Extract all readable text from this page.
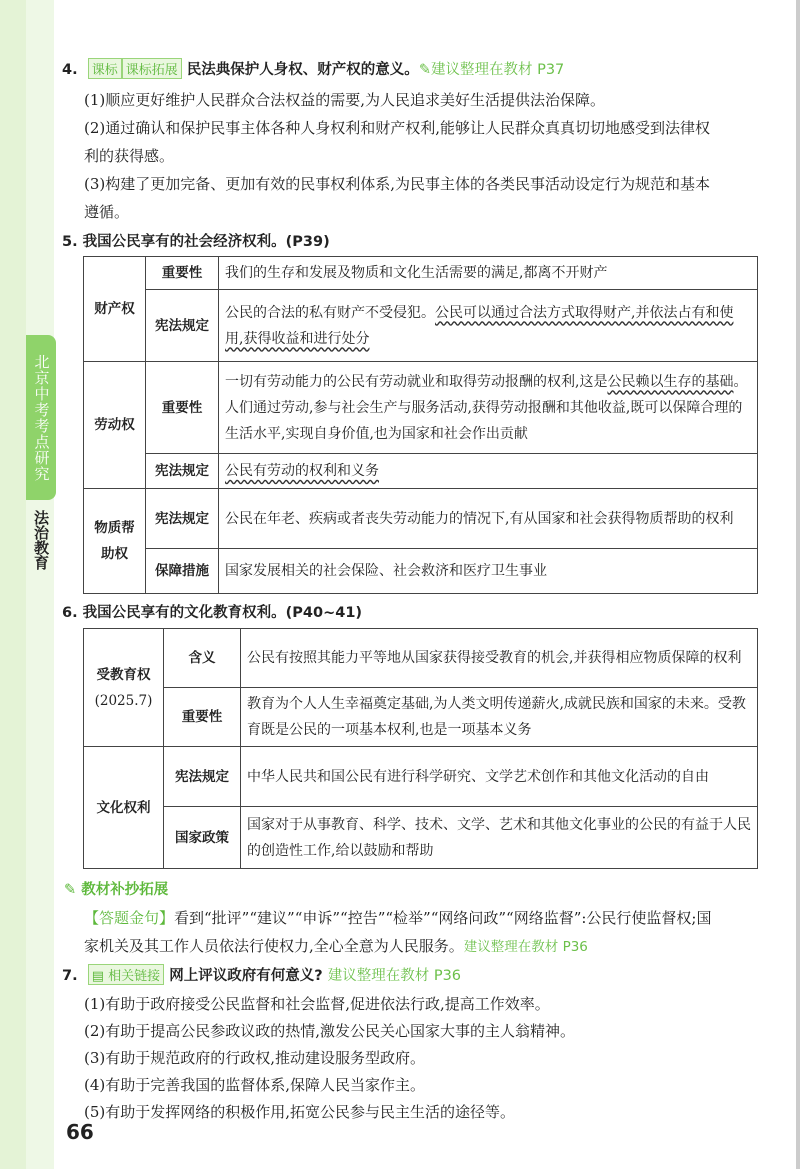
北京中考考点研究
法治教育
4. 课标 课标拓展 民法典保护人身权、财产权的意义。✎建议整理在教材 P37
(1)顺应更好维护人民群众合法权益的需要,为人民追求美好生活提供法治保障。
(2)通过确认和保护民事主体各种人身权利和财产权利,能够让人民群众真真切切地感受到法律权
利的获得感。
(3)构建了更加完备、更加有效的民事权利体系,为民事主体的各类民事活动设定行为规范和基本
遵循。
5. 我国公民享有的社会经济权利。(P39)
财产权	重要性	我们的生存和发展及物质和文化生活需要的满足,都离不开财产
	宪法规定	公民的合法的私有财产不受侵犯。公民可以通过合法方式取得财产,并依法占有和使用,获得收益和进行处分
劳动权	重要性	一切有劳动能力的公民有劳动就业和取得劳动报酬的权利,这是公民赖以生存的基础。人们通过劳动,参与社会生产与服务活动,获得劳动报酬和其他收益,既可以保障合理的生活水平,实现自身价值,也为国家和社会作出贡献
	宪法规定	公民有劳动的权利和义务
物质帮助权	宪法规定	公民在年老、疾病或者丧失劳动能力的情况下,有从国家和社会获得物质帮助的权利
	保障措施	国家发展相关的社会保险、社会救济和医疗卫生事业
6. 我国公民享有的文化教育权利。(P40~41)
受教育权
(2025.7)	含义	公民有按照其能力平等地从国家获得接受教育的机会,并获得相应物质保障的权利
	重要性	教育为个人人生幸福奠定基础,为人类文明传递薪火,成就民族和国家的未来。受教育既是公民的一项基本权利,也是一项基本义务
文化权利	宪法规定	中华人民共和国公民有进行科学研究、文学艺术创作和其他文化活动的自由
	国家政策	国家对于从事教育、科学、技术、文学、艺术和其他文化事业的公民的有益于人民的创造性工作,给以鼓励和帮助
✎ 教材补抄拓展
【答题金句】看到“批评”“建议”“申诉”“控告”“检举”“网络问政”“网络监督”:公民行使监督权;国
家机关及其工作人员依法行使权力,全心全意为人民服务。建议整理在教材 P36
7. ▤ 相关链接 网上评议政府有何意义? 建议整理在教材 P36
(1)有助于政府接受公民监督和社会监督,促进依法行政,提高工作效率。
(2)有助于提高公民参政议政的热情,激发公民关心国家大事的主人翁精神。
(3)有助于规范政府的行政权,推动建设服务型政府。
(4)有助于完善我国的监督体系,保障人民当家作主。
(5)有助于发挥网络的积极作用,拓宽公民参与民主生活的途径等。
66
